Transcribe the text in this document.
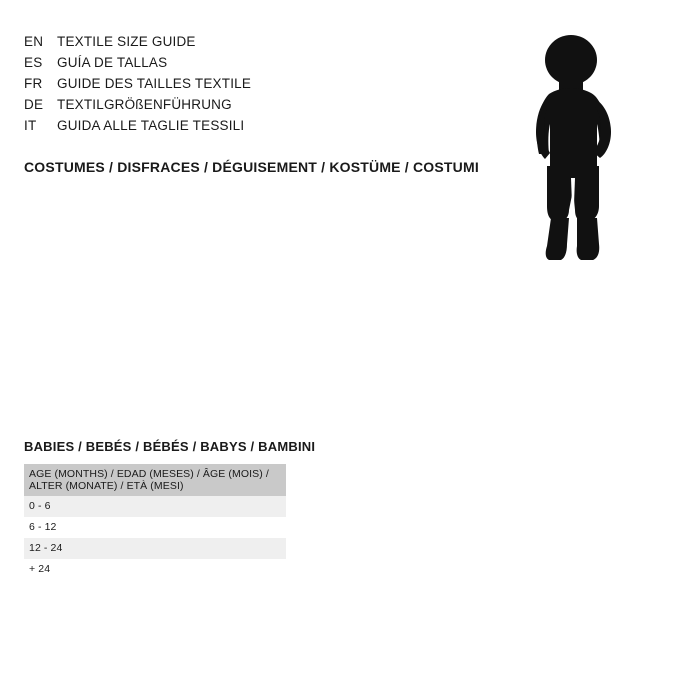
EN	TEXTILE SIZE GUIDE
ES	GUÍA DE TALLAS
FR	GUIDE DES TAILLES TEXTILE
DE	TEXTILGRÖßENFÜHRUNG
IT	GUIDA ALLE TAGLIE TESSILI
COSTUMES / DISFRACES / DÉGUISEMENT / KOSTÜME / COSTUMI
BABIES / BEBÉS / BÉBÉS / BABYS / BAMBINI
AGE (MONTHS) / EDAD (MESES) / ÂGE (MOIS) /
ALTER (MONATE) / ETÀ (MESI)

0 - 6
6 - 12
12 - 24
+ 24
